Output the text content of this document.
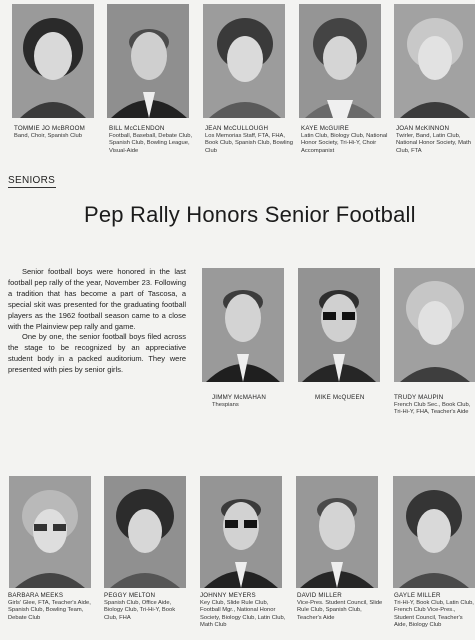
TOMMIE JO McBROOM
Band, Choir, Spanish Club
BILL McCLENDON
Football, Baseball, Debate Club, Spanish Club, Bowling League, Visual-Aide
JEAN McCULLOUGH
Los Memorias Staff, FTA, FHA, Book Club, Spanish Club, Bowling Club
KAYE McGUIRE
Latin Club, Biology Club, National Honor Society, Tri-Hi-Y, Choir Accompanist
JOAN McKINNON
Twirler, Band, Latin Club, National Honor Society, Math Club, FTA
SENIORS
Pep Rally Honors Senior Football

Senior football boys were honored in the last football pep rally of the year, November 23. Following a tradition that has become a part of Tascosa, a special skit was presented for the graduating football players as the 1962 football season came to a close with the Plainview pep rally and game.

One by one, the senior football boys filed across the stage to be recognized by an appreciative student body in a packed auditorium. They were presented with pies by senior girls.

JIMMY McMAHAN
Thespians
MIKE McQUEEN	TRUDY MAUPIN
French Club Sec., Book Club, Tri-Hi-Y, FHA, Teacher's Aide
BARBARA MEEKS
Girls' Glee, FTA, Teacher's Aide, Spanish Club, Bowling Team, Debate Club
PEGGY MELTON
Spanish Club, Office Aide, Biology Club, Tri-Hi-Y, Book Club, FHA
JOHNNY MEYERS
Key Club, Slide Rule Club, Football Mgr., National Honor Society, Biology Club, Latin Club, Math Club
DAVID MILLER
Vice-Pres. Student Council, Slide Rule Club, Spanish Club, Teacher's Aide
GAYLE MILLER
Tri-Hi-Y, Book Club, Latin Club, French Club Vice-Pres., Student Council, Teacher's Aide, Biology Club
